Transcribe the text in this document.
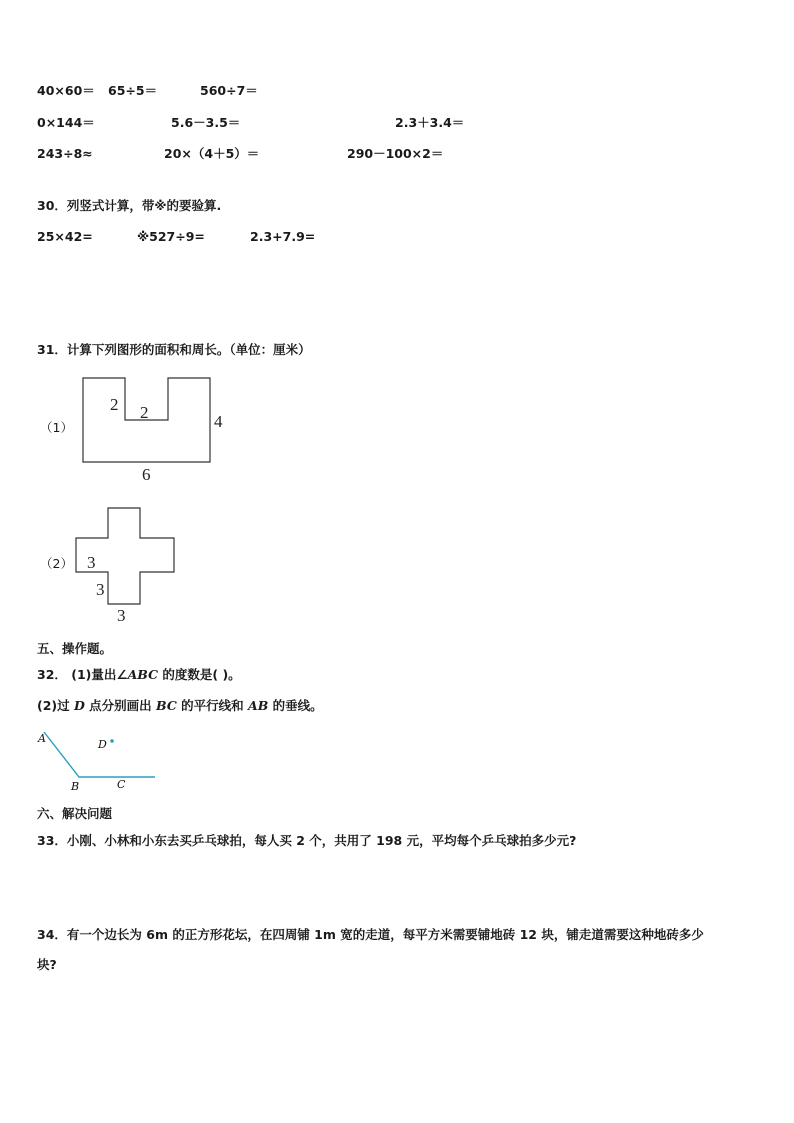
40×60＝ 65÷5＝	560÷7＝
0×144＝	5.6－3.5＝	2.3＋3.4＝
243÷8≈	20×（4＋5）＝	290－100×2＝
30．列竖式计算，带※的要验算.
25×42=	※527÷9=	2.3+7.9=
31．计算下列图形的面积和周长。（单位：厘米）
（1）
2 2	4
6
（2） 3
3
3
五、操作题。
32． (1)量出∠ABC 的度数是( )。
(2)过 D 点分别画出 BC 的平行线和 AB 的垂线。
A
B	C
D
六、解决问题
33．小刚、小林和小东去买乒乓球拍，每人买 2 个，共用了 198 元，平均每个乒乓球拍多少元?
34．有一个边长为 6m 的正方形花坛，在四周铺 1m 宽的走道，每平方米需要铺地砖 12 块，铺走道需要这种地砖多少
块?
